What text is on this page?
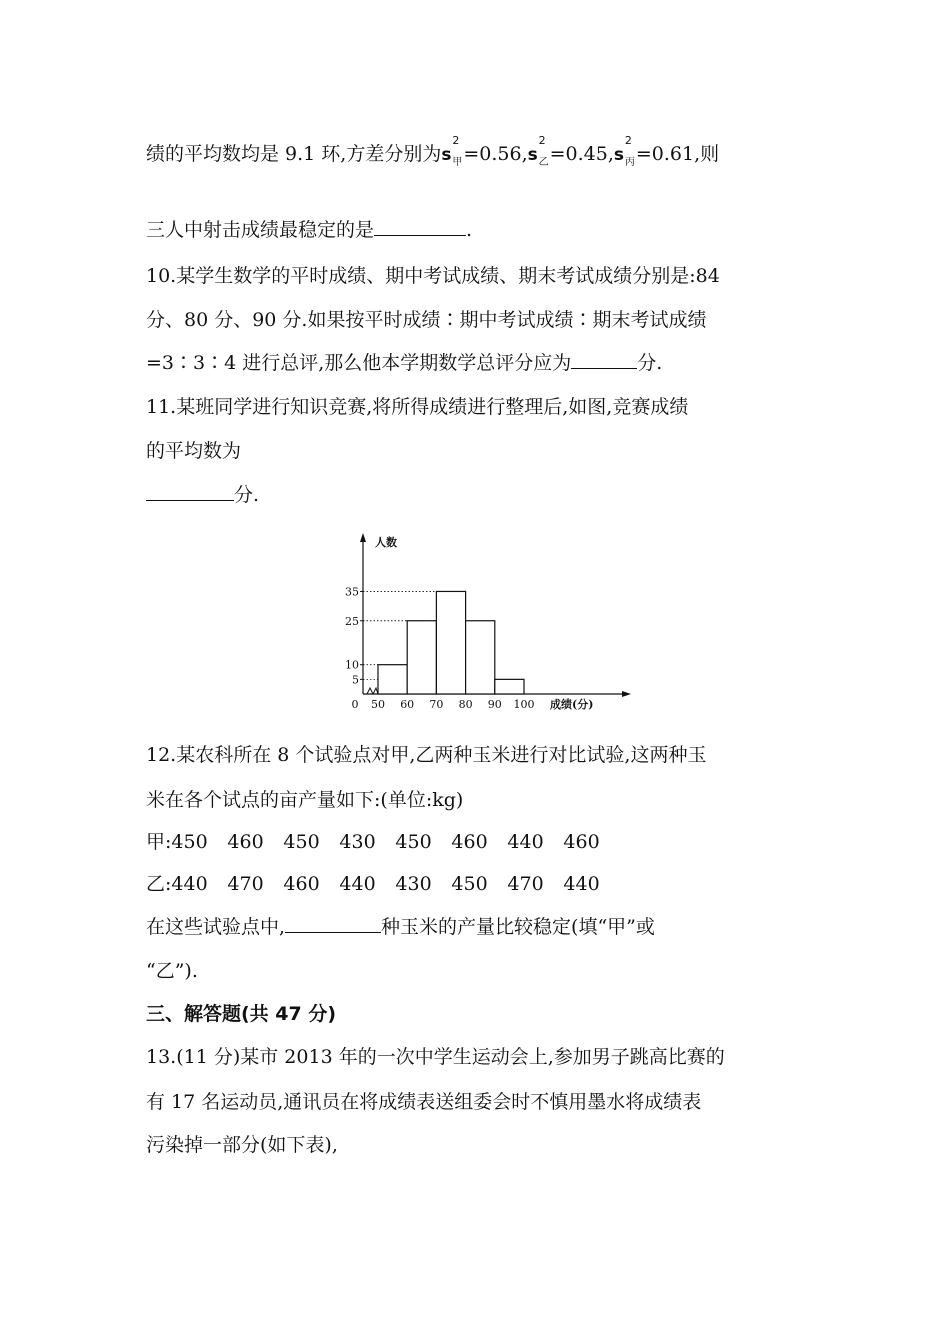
绩的平均数均是 9.1 环,方差分别为s
2
甲 =0.56,s
2
乙 =0.45,s
2
丙 =0.61,则
三人中射击成绩最稳定的是	.
10.某学生数学的平时成绩、期中考试成绩、期末考试成绩分别是:84
分、80 分、90 分.如果按平时成绩∶期中考试成绩∶期末考试成绩
=3∶3∶4 进行总评,那么他本学期数学总评分应为	分.
11.某班同学进行知识竞赛,将所得成绩进行整理后,如图,竞赛成绩
的平均数为
分.
5
10
25
35
0 50 60 70 80 90 100
人数
成绩(分)
12.某农科所在 8 个试验点对甲,乙两种玉米进行对比试验,这两种玉
米在各个试点的亩产量如下:(单位:kg)
甲:450 460 450 430 450 460 440 460
乙:440 470 460 440 430 450 470 440
在这些试验点中,	种玉米的产量比较稳定(填“甲”或
“乙”).
三、解答题(共 47 分)
13.(11 分)某市 2013 年的一次中学生运动会上,参加男子跳高比赛的
有 17 名运动员,通讯员在将成绩表送组委会时不慎用墨水将成绩表
污染掉一部分(如下表),
